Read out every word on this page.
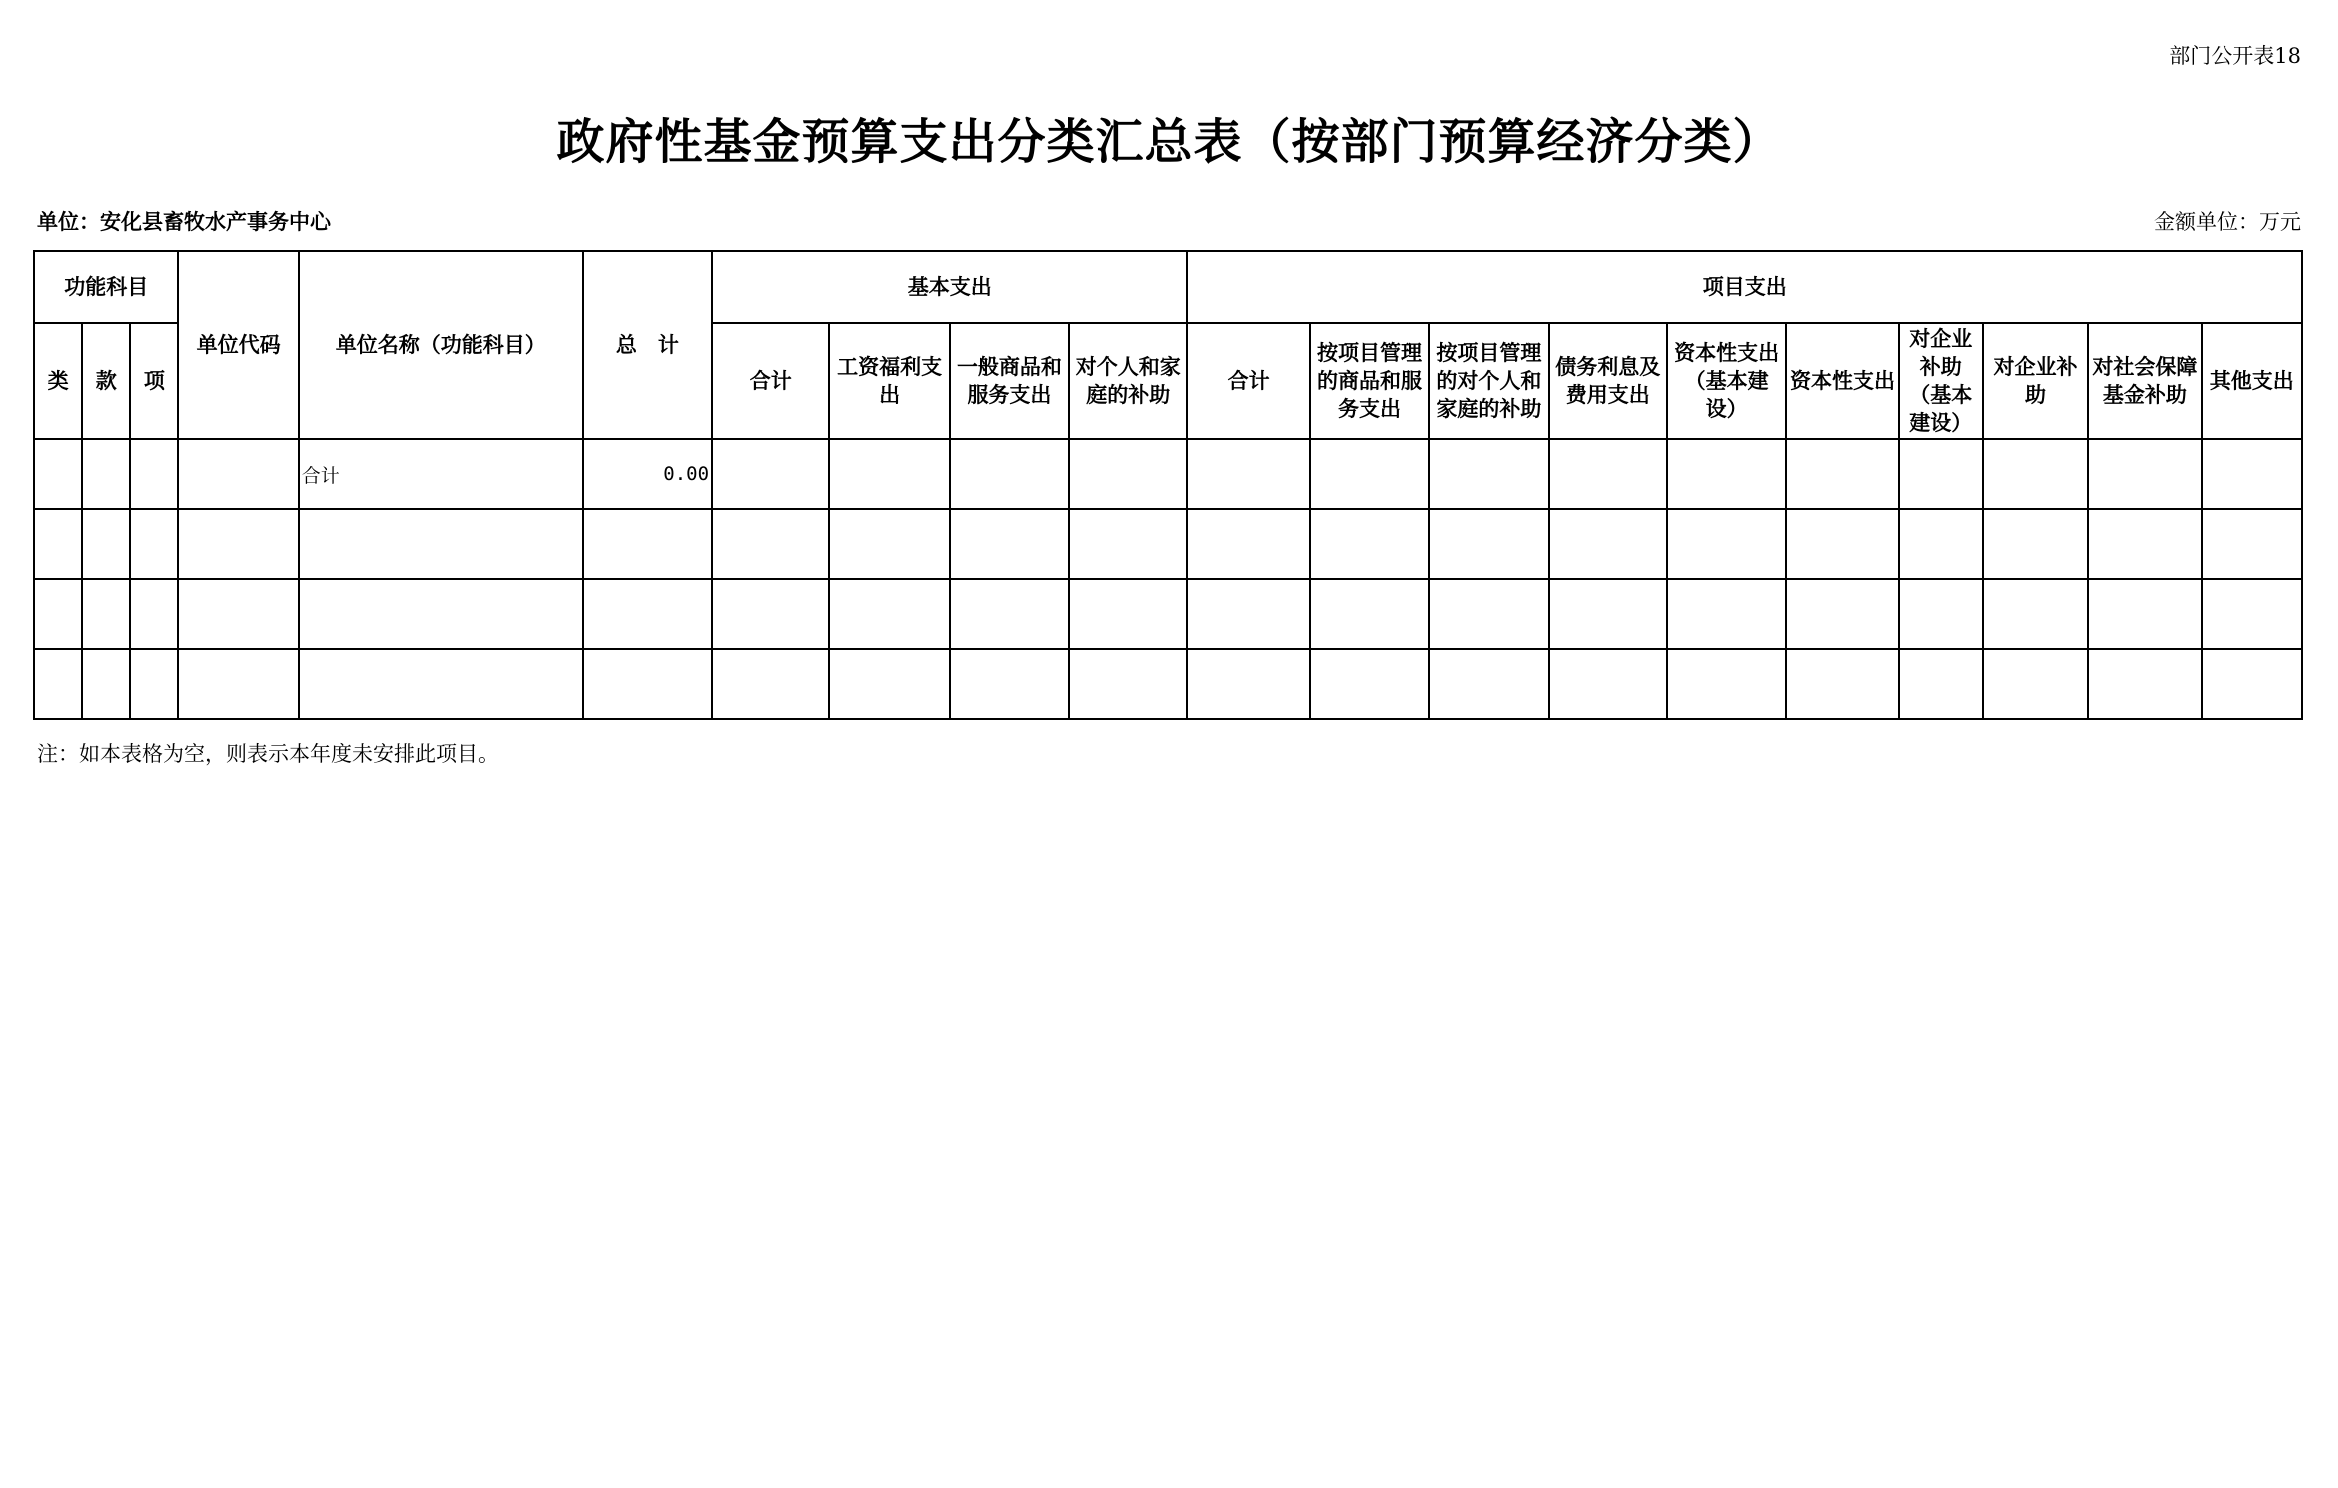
部门公开表18
政府性基金预算支出分类汇总表（按部门预算经济分类）
单位：安化县畜牧水产事务中心	金额单位：万元
功能科目			单位代码	单位名称（功能科目）	总　计	基本支出				项目支出									
类	款	项				合计	工资福利支出	一般商品和服务支出	对个人和家庭的补助	合计	按项目管理的商品和服务支出	按项目管理的对个人和家庭的补助	债务利息及费用支出	资本性支出（基本建设）	资本性支出	对企业补助（基本建设）	对企业补助	对社会保障基金补助	其他支出
				合计	0.00														

注：如本表格为空，则表示本年度未安排此项目。
